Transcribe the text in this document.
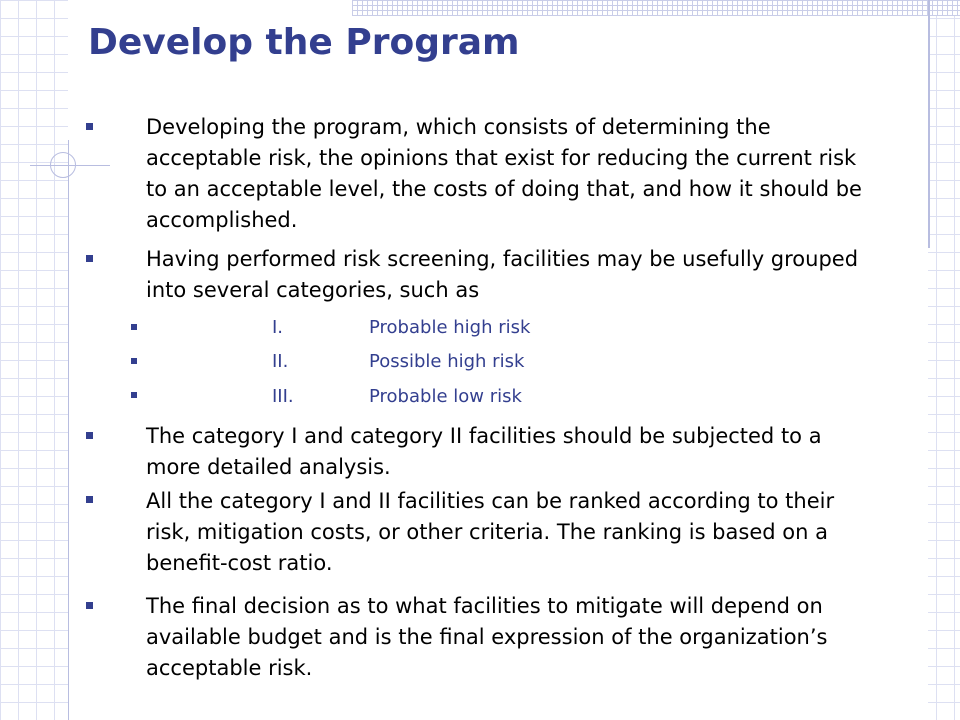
Develop the Program
Developing the program, which consists of determining the acceptable risk, the opinions that exist for reducing the current risk to an acceptable level, the costs of doing that, and how it should be accomplished.
Having performed risk screening, facilities may be usefully grouped into several categories, such as
I.	Probable high risk
II.	Possible high risk
III.	Probable low risk
The category I and category II facilities should be subjected to a more detailed analysis.
All the category I and II facilities can be ranked according to their risk, mitigation costs, or other criteria. The ranking is based on a benefit-cost ratio.
The final decision as to what facilities to mitigate will depend on available budget and is the final expression of the organization’s acceptable risk.
